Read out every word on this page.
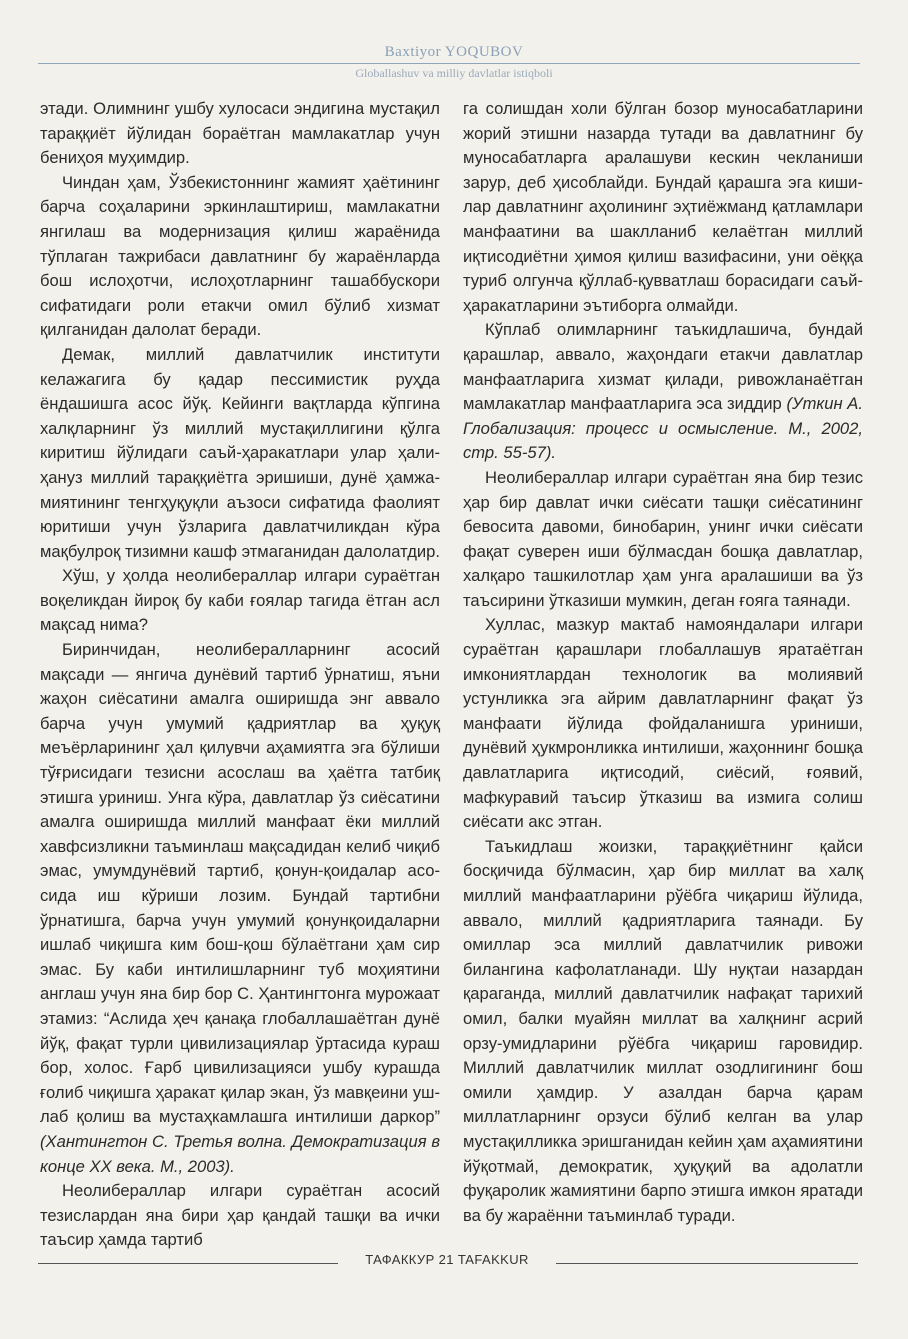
Baxtiyor YOQUBOV
Globallashuv va milliy davlatlar istiqboli

этади. Олимнинг ушбу хулосаси эндигина мустақил тараққиёт йўлидан бораётган мамлакатлар учун бениҳоя муҳимдир.

Чиндан ҳам, Ўзбекистоннинг жамият ҳаётининг барча соҳаларини эркинлаштириш, мамлакатни янгилаш ва модернизация қилиш жараёнида тўплаган тажрибаси давлатнинг бу жараёнларда бош ислоҳотчи, ислоҳотларнинг ташаббускори сифатидаги роли етакчи омил бўлиб хизмат қилганидан далолат беради.

Демак, миллий давлатчилик институти келажагига бу қадар пессимистик руҳда ёндашишга асос йўқ. Кейинги вақтларда кўпгина халқларнинг ўз миллий мустақиллигини қўлга киритиш йўлидаги саъй-ҳаракатлари улар ҳали-ҳануз миллий тараққиётга эришиши, дунё ҳамжамиятининг тенгҳуқуқли аъзоси сифатида фаолият юритиши учун ўзларига давлатчиликдан кўра мақбулроқ тизимни кашф этмаганидан далолатдир.

Хўш, у ҳолда неолибераллар илгари сураётган воқеликдан йироқ бу каби ғоялар тагида ётган асл мақсад нима?

Биринчидан, неолибералларнинг асосий мақсади — янгича дунёвий тартиб ўрнатиш, яъни жаҳон сиёсатини амалга оширишда энг аввало барча учун умумий қадриятлар ва ҳуқуқ меъёрларининг ҳал қилувчи аҳамиятга эга бўлиши тўғрисидаги тезисни асослаш ва ҳаётга татбиқ этишга уриниш. Унга кўра, давлатлар ўз сиёсатини амалга оширишда миллий манфаат ёки миллий хавфсизликни таъминлаш мақсадидан келиб чиқиб эмас, умумдунёвий тартиб, қонун-қоидалар асосида иш кўриши лозим. Бундай тартибни ўрнатишга, барча учун умумий қонунқоидаларни ишлаб чиқишга ким бош-қош бўлаётгани ҳам сир эмас. Бу каби интилишларнинг туб моҳиятини англаш учун яна бир бор С. Ҳантингтонга мурожаат этамиз: “Аслида ҳеч қанақа глобаллашаётган дунё йўқ, фақат турли цивилизациялар ўртасида кураш бор, холос. Ғарб цивилизацияси ушбу курашда ғолиб чиқишга ҳаракат қилар экан, ўз мавқеини ушлаб қолиш ва мустаҳкамлашга интилиши даркор” (Хантингтон С. Третья волна. Демократизация в конце ХХ века. М., 2003).

Неолибераллар илгари сураётган асосий тезислардан яна бири ҳар қандай ташқи ва ички таъсир ҳамда тартиб

га солишдан холи бўлган бозор муносабатларини жорий этишни назарда тутади ва давлатнинг бу муносабатларга аралашуви кескин чекланиши зарур, деб ҳисоблайди. Бундай қарашга эга кишилар давлатнинг аҳолининг эҳтиёжманд қатламлари манфаатини ва шаклланиб келаётган миллий иқтисодиётни ҳимоя қилиш вазифасини, уни оёққа туриб олгунча қўллаб-қувватлаш борасидаги саъй-ҳаракатларини эътиборга олмайди.

Кўплаб олимларнинг таъкидлашича, бундай қарашлар, аввало, жаҳондаги етакчи давлатлар манфаатларига хизмат қилади, ривожланаётган мамлакатлар манфаатларига эса зиддир (Уткин А. Глобализация: процесс и осмысление. М., 2002, стр. 55-57).

Неолибераллар илгари сураётган яна бир тезис ҳар бир давлат ички сиёсати ташқи сиёсатининг бевосита давоми, бинобарин, унинг ички сиёсати фақат суверен иши бўлмасдан бошқа давлатлар, халқаро ташкилотлар ҳам унга аралашиши ва ўз таъсирини ўтказиши мумкин, деган ғояга таянади.

Хуллас, мазкур мактаб намояндалари илгари сураётган қарашлари глобаллашув яратаётган имкониятлардан технологик ва молиявий устунликка эга айрим давлатларнинг фақат ўз манфаати йўлида фойдаланишга уриниши, дунёвий ҳукмронликка интилиши, жаҳоннинг бошқа давлатларига иқтисодий, сиёсий, ғоявий, мафкуравий таъсир ўтказиш ва измига солиш сиёсати акс этган.

Таъкидлаш жоизки, тараққиётнинг қайси босқичида бўлмасин, ҳар бир миллат ва халқ миллий манфаатларини рўёбга чиқариш йўлида, аввало, миллий қадриятларига таянади. Бу омиллар эса миллий давлатчилик ривожи билангина кафолатланади. Шу нуқтаи назардан қараганда, миллий давлатчилик нафақат тарихий омил, балки муайян миллат ва халқнинг асрий орзу-умидларини рўёбга чиқариш гаровидир. Миллий давлатчилик миллат озодлигининг бош омили ҳамдир. У азалдан барча қарам миллатларнинг орзуси бўлиб келган ва улар мустақилликка эришганидан кейин ҳам аҳамиятини йўқотмай, демократик, ҳуқуқий ва адолатли фуқаролик жамиятини барпо этишга имкон яратади ва бу жараённи таъминлаб туради.

ТАФАККУР 21 TAFAKKUR
